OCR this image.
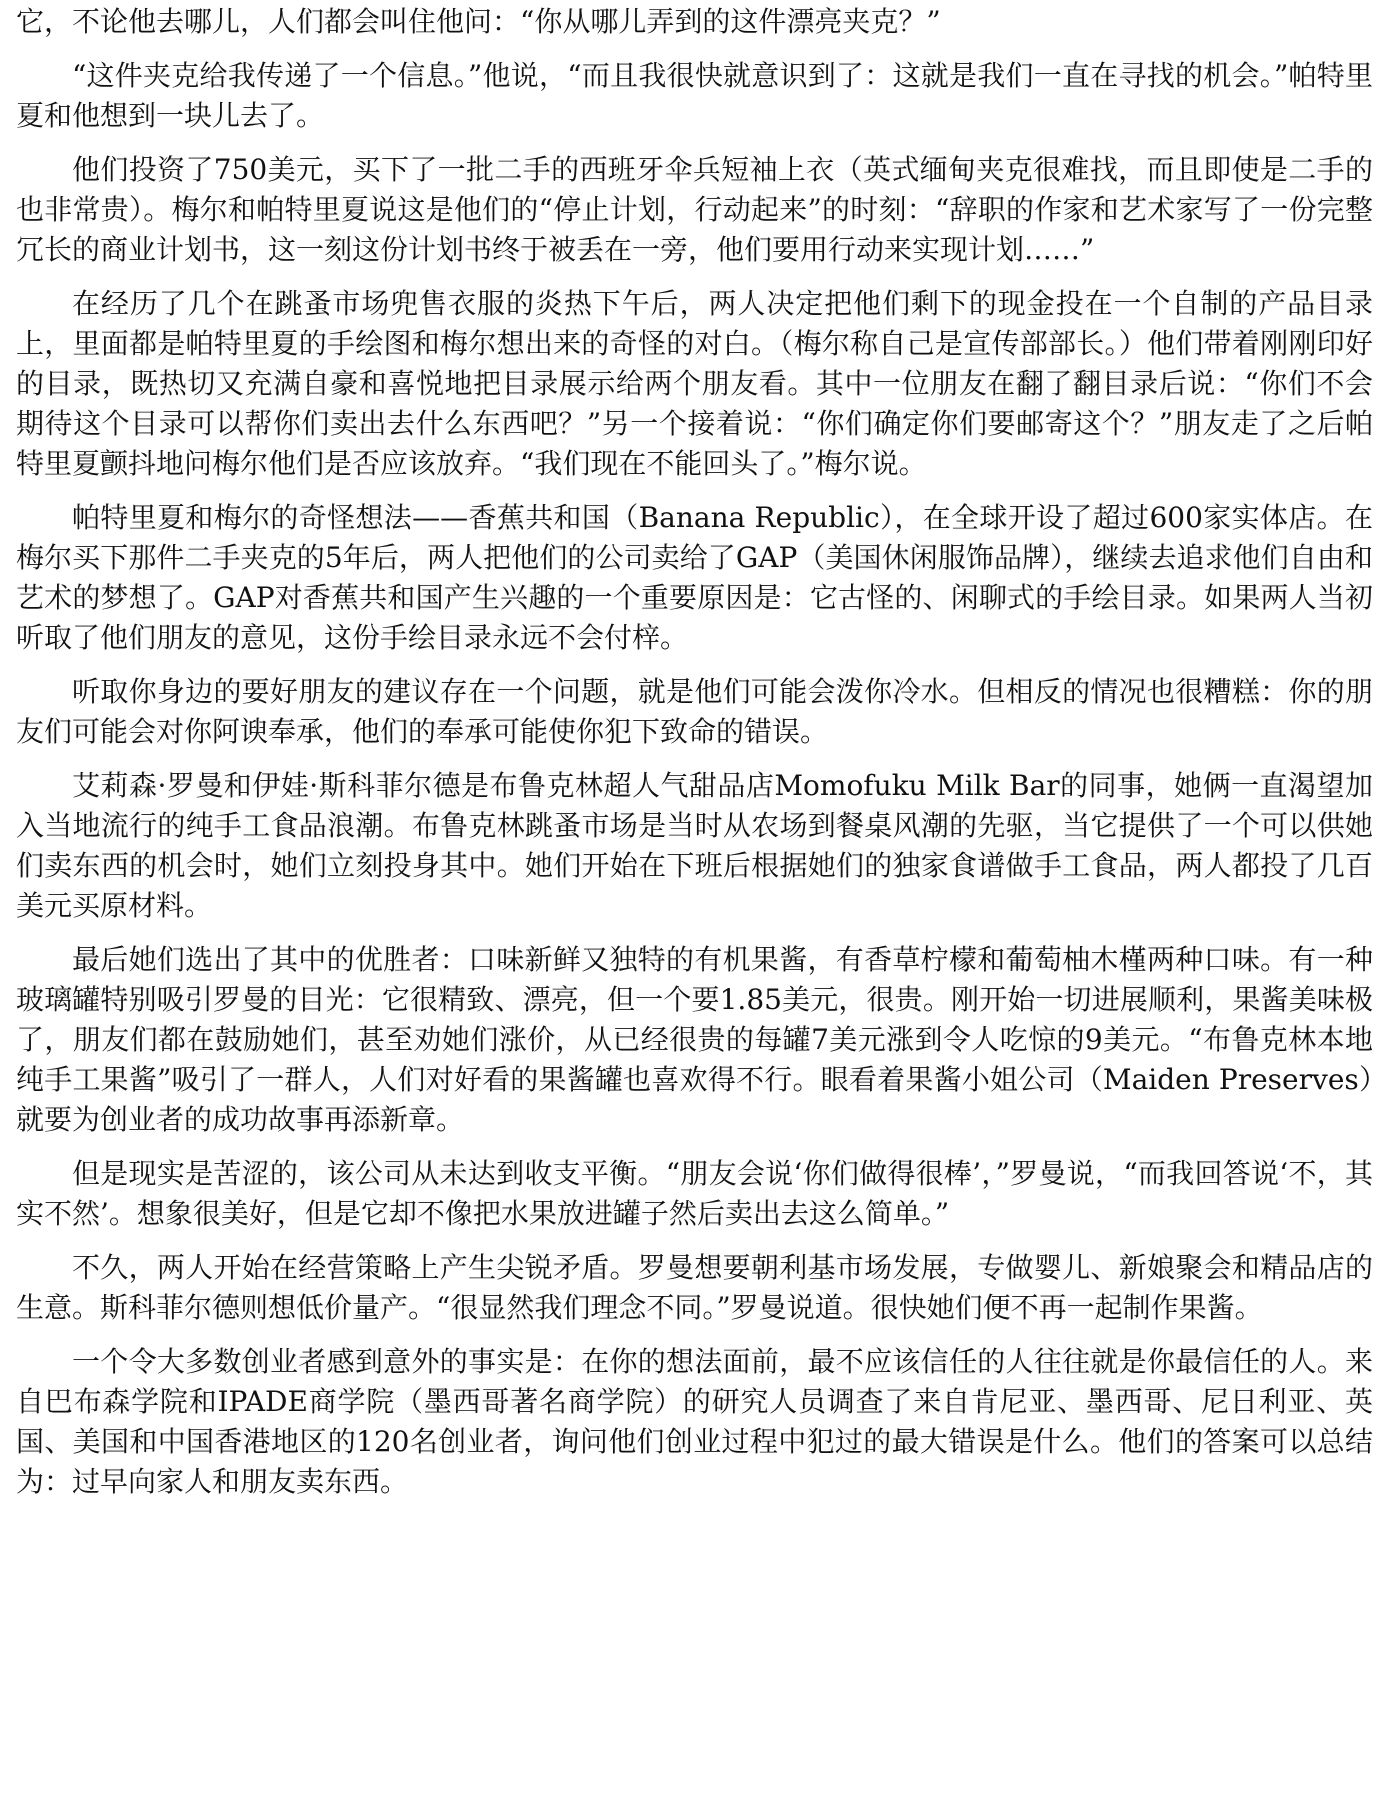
它，不论他去哪儿，人们都会叫住他问：“你从哪儿弄到的这件漂亮夹克？”

“这件夹克给我传递了一个信息。”他说，“而且我很快就意识到了：这就是我们一直在寻找的机会。”帕特里夏和他想到一块儿去了。

他们投资了750美元，买下了一批二手的西班牙伞兵短袖上衣（英式缅甸夹克很难找，而且即使是二手的也非常贵）。梅尔和帕特里夏说这是他们的“停止计划，行动起来”的时刻：“辞职的作家和艺术家写了一份完整冗长的商业计划书，这一刻这份计划书终于被丢在一旁，他们要用行动来实现计划……”

在经历了几个在跳蚤市场兜售衣服的炎热下午后，两人决定把他们剩下的现金投在一个自制的产品目录上，里面都是帕特里夏的手绘图和梅尔想出来的奇怪的对白。（梅尔称自己是宣传部部长。）他们带着刚刚印好的目录，既热切又充满自豪和喜悦地把目录展示给两个朋友看。其中一位朋友在翻了翻目录后说：“你们不会期待这个目录可以帮你们卖出去什么东西吧？”另一个接着说：“你们确定你们要邮寄这个？”朋友走了之后帕特里夏颤抖地问梅尔他们是否应该放弃。“我们现在不能回头了。”梅尔说。

帕特里夏和梅尔的奇怪想法——香蕉共和国（Banana Republic），在全球开设了超过600家实体店。在梅尔买下那件二手夹克的5年后，两人把他们的公司卖给了GAP（美国休闲服饰品牌），继续去追求他们自由和艺术的梦想了。GAP对香蕉共和国产生兴趣的一个重要原因是：它古怪的、闲聊式的手绘目录。如果两人当初听取了他们朋友的意见，这份手绘目录永远不会付梓。

听取你身边的要好朋友的建议存在一个问题，就是他们可能会泼你冷水。但相反的情况也很糟糕：你的朋友们可能会对你阿谀奉承，他们的奉承可能使你犯下致命的错误。

艾莉森·罗曼和伊娃·斯科菲尔德是布鲁克林超人气甜品店Momofuku Milk Bar的同事，她俩一直渴望加入当地流行的纯手工食品浪潮。布鲁克林跳蚤市场是当时从农场到餐桌风潮的先驱，当它提供了一个可以供她们卖东西的机会时，她们立刻投身其中。她们开始在下班后根据她们的独家食谱做手工食品，两人都投了几百美元买原材料。

最后她们选出了其中的优胜者：口味新鲜又独特的有机果酱，有香草柠檬和葡萄柚木槿两种口味。有一种玻璃罐特别吸引罗曼的目光：它很精致、漂亮，但一个要1.85美元，很贵。刚开始一切进展顺利，果酱美味极了，朋友们都在鼓励她们，甚至劝她们涨价，从已经很贵的每罐7美元涨到令人吃惊的9美元。“布鲁克林本地纯手工果酱”吸引了一群人，人们对好看的果酱罐也喜欢得不行。眼看着果酱小姐公司（Maiden Preserves）就要为创业者的成功故事再添新章。

但是现实是苦涩的，该公司从未达到收支平衡。“朋友会说‘你们做得很棒’，”罗曼说，“而我回答说‘不，其实不然’。想象很美好，但是它却不像把水果放进罐子然后卖出去这么简单。”

不久，两人开始在经营策略上产生尖锐矛盾。罗曼想要朝利基市场发展，专做婴儿、新娘聚会和精品店的生意。斯科菲尔德则想低价量产。“很显然我们理念不同。”罗曼说道。很快她们便不再一起制作果酱。

一个令大多数创业者感到意外的事实是：在你的想法面前，最不应该信任的人往往就是你最信任的人。来自巴布森学院和IPADE商学院（墨西哥著名商学院）的研究人员调查了来自肯尼亚、墨西哥、尼日利亚、英国、美国和中国香港地区的120名创业者，询问他们创业过程中犯过的最大错误是什么。他们的答案可以总结为：过早向家人和朋友卖东西。
